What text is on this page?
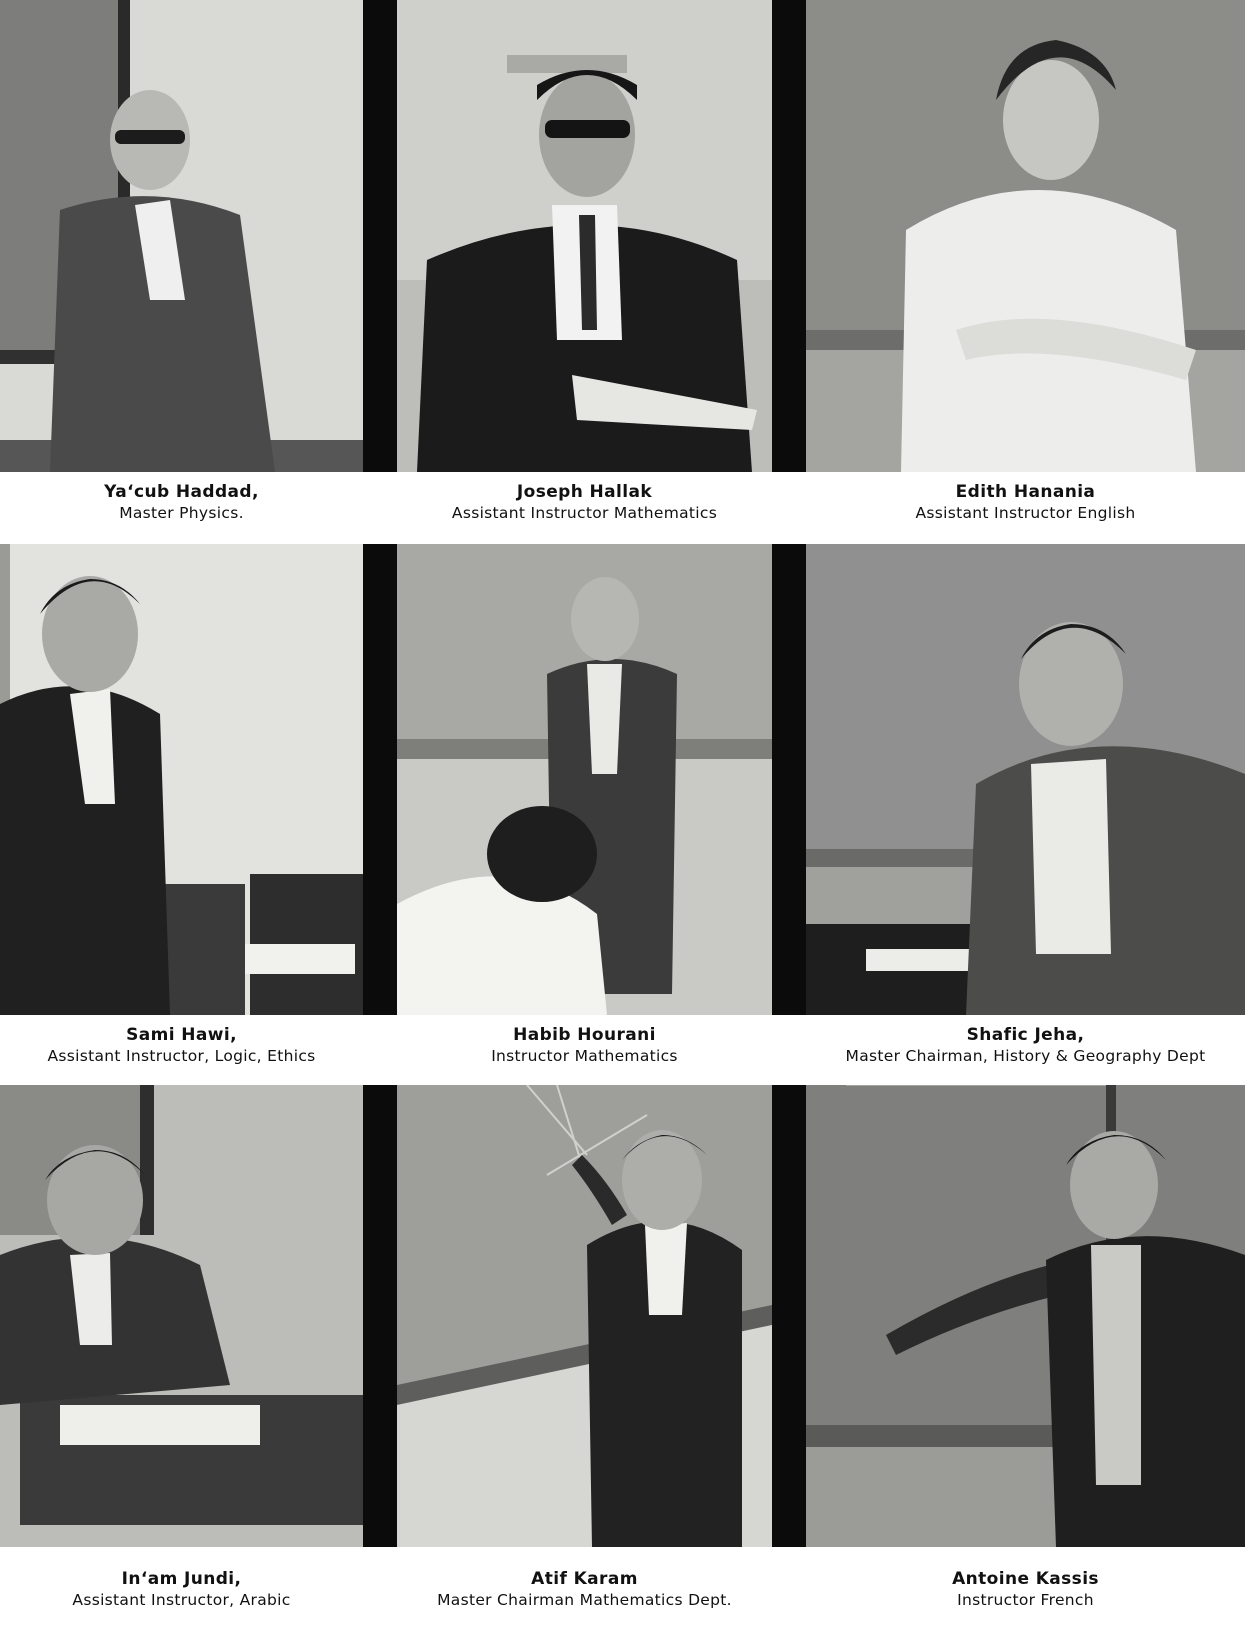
Ya‘cub Haddad,
Master Physics.
Joseph Hallak
Assistant Instructor Mathematics
Edith Hanania
Assistant Instructor English
Sami Hawi,
Assistant Instructor, Logic, Ethics
Habib Hourani
Instructor Mathematics
Shafic Jeha,
Master Chairman, History & Geography Dept
In‘am Jundi,
Assistant Instructor, Arabic
Atif Karam
Master Chairman Mathematics Dept.
Antoine Kassis
Instructor French
